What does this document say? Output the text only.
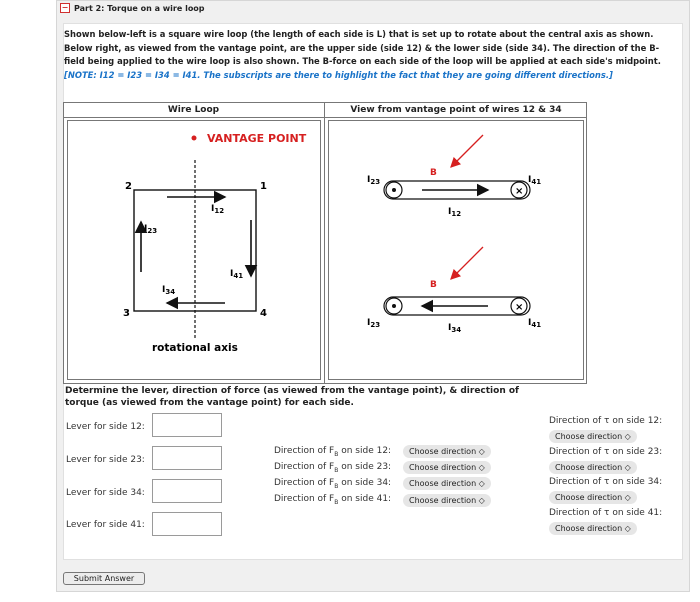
− Part 2: Torque on a wire loop
Shown below-left is a square wire loop (the length of each side is L) that is set up to rotate about the central axis as shown. Below right, as viewed from the vantage point, are the upper side (side 12) & the lower side (side 34). The direction of the B-field being applied to the wire loop is also shown. The B-force on each side of the loop will be applied at each side's midpoint. [NOTE: I12 = I23 = I34 = I41. The subscripts are there to highlight the fact that they are going different directions.]
Wire Loop	View from vantage point of wires 12 & 34
VANTAGE POINT
2	1
3	4
$I_{12}$
$I_{23}$
$I_{34}$
$I_{41}$
rotational axis
B
×
$I_{23}$	$I_{41}$
$I_{12}$
B
×
$I_{23}$	$I_{41}$
$I_{34}$
Determine the lever, direction of force (as viewed from the vantage point), & direction of torque (as viewed from the vantage point) for each side.
Lever for side 12:
Lever for side 23:
Lever for side 34:
Lever for side 41:
Direction of $F_B$ on side 12:	Choose direction ◇
Direction of $F_B$ on side 23:	Choose direction ◇
Direction of $F_B$ on side 34:	Choose direction ◇
Direction of $F_B$ on side 41:	Choose direction ◇
Direction of τ on side 12:
Choose direction ◇
Direction of τ on side 23:
Choose direction ◇
Direction of τ on side 34:
Choose direction ◇
Direction of τ on side 41:
Choose direction ◇
Submit Answer
